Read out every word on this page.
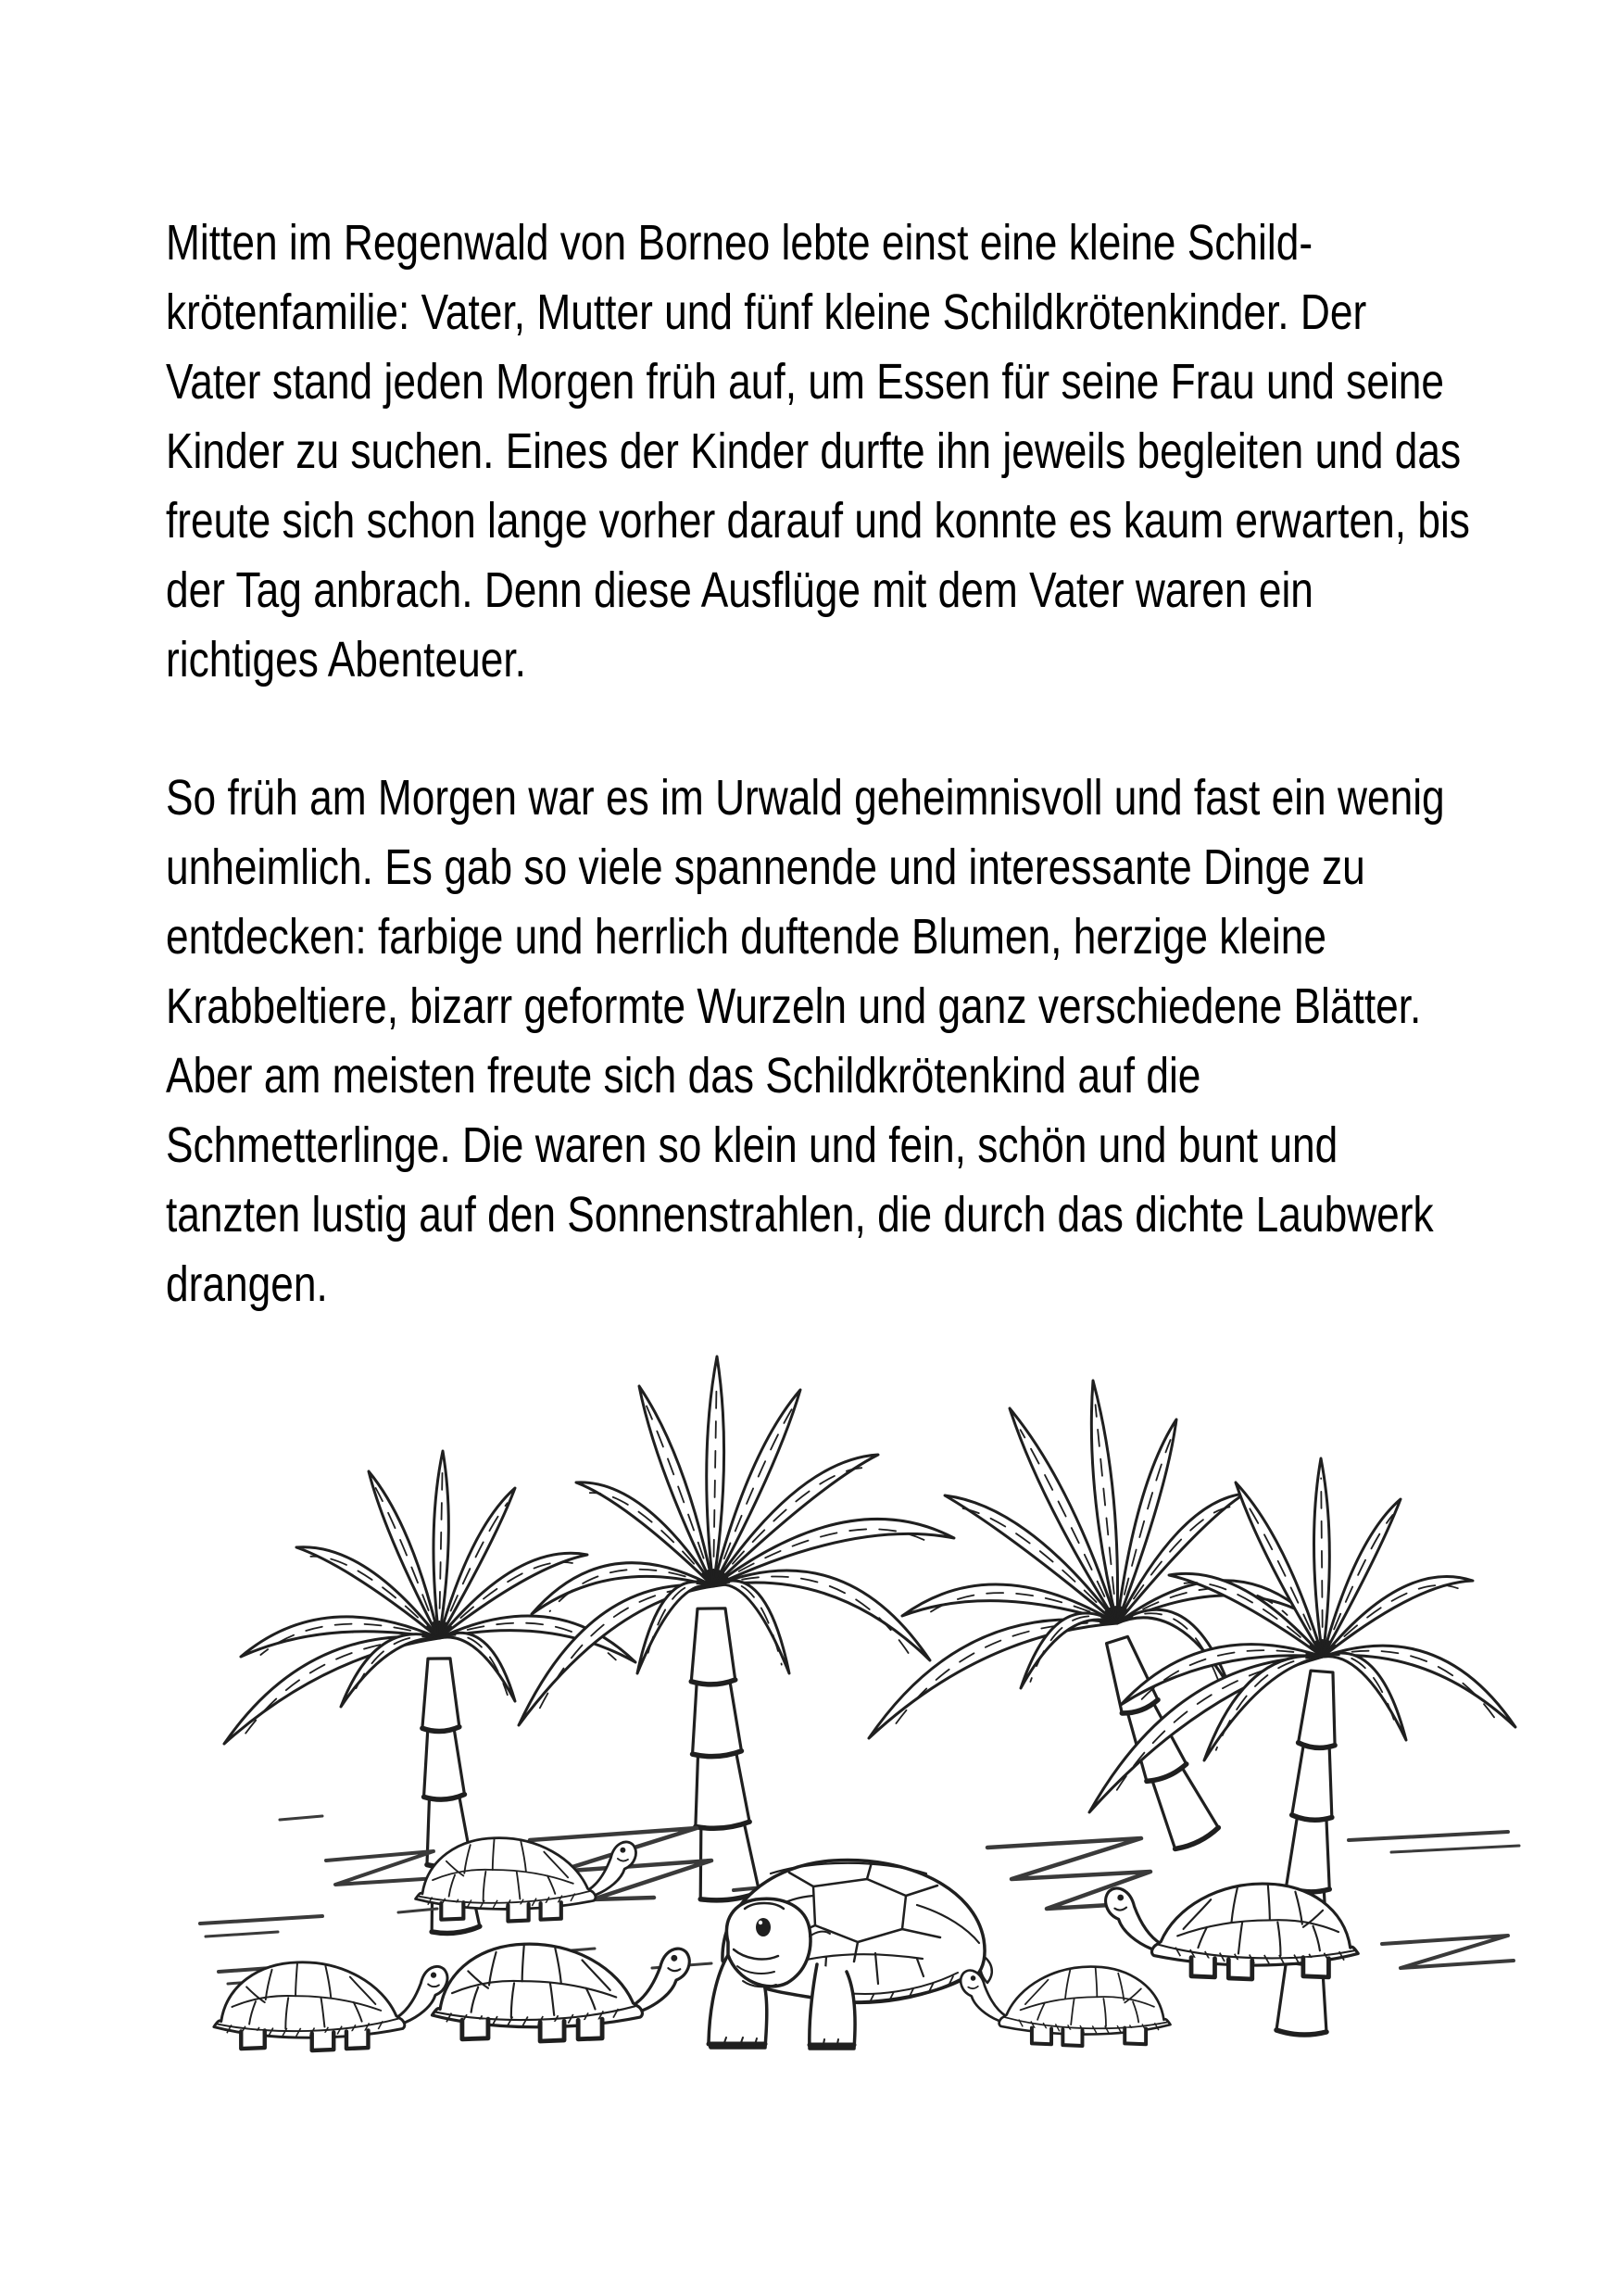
Mitten im Regenwald von Borneo lebte einst eine kleine Schild-
krötenfamilie: Vater, Mutter und fünf kleine Schildkrötenkinder. Der
Vater stand jeden Morgen früh auf, um Essen für seine Frau und seine
Kinder zu suchen. Eines der Kinder durfte ihn jeweils begleiten und das
freute sich schon lange vorher darauf und konnte es kaum erwarten, bis
der Tag anbrach. Denn diese Ausflüge mit dem Vater waren ein
richtiges Abenteuer.

So früh am Morgen war es im Urwald geheimnisvoll und fast ein wenig
unheimlich. Es gab so viele spannende und interessante Dinge zu
entdecken: farbige und herrlich duftende Blumen, herzige kleine
Krabbeltiere, bizarr geformte Wurzeln und ganz verschiedene Blätter.
Aber am meisten freute sich das Schildkrötenkind auf die
Schmetterlinge. Die waren so klein und fein, schön und bunt und
tanzten lustig auf den Sonnenstrahlen, die durch das dichte Laubwerk
drangen.
